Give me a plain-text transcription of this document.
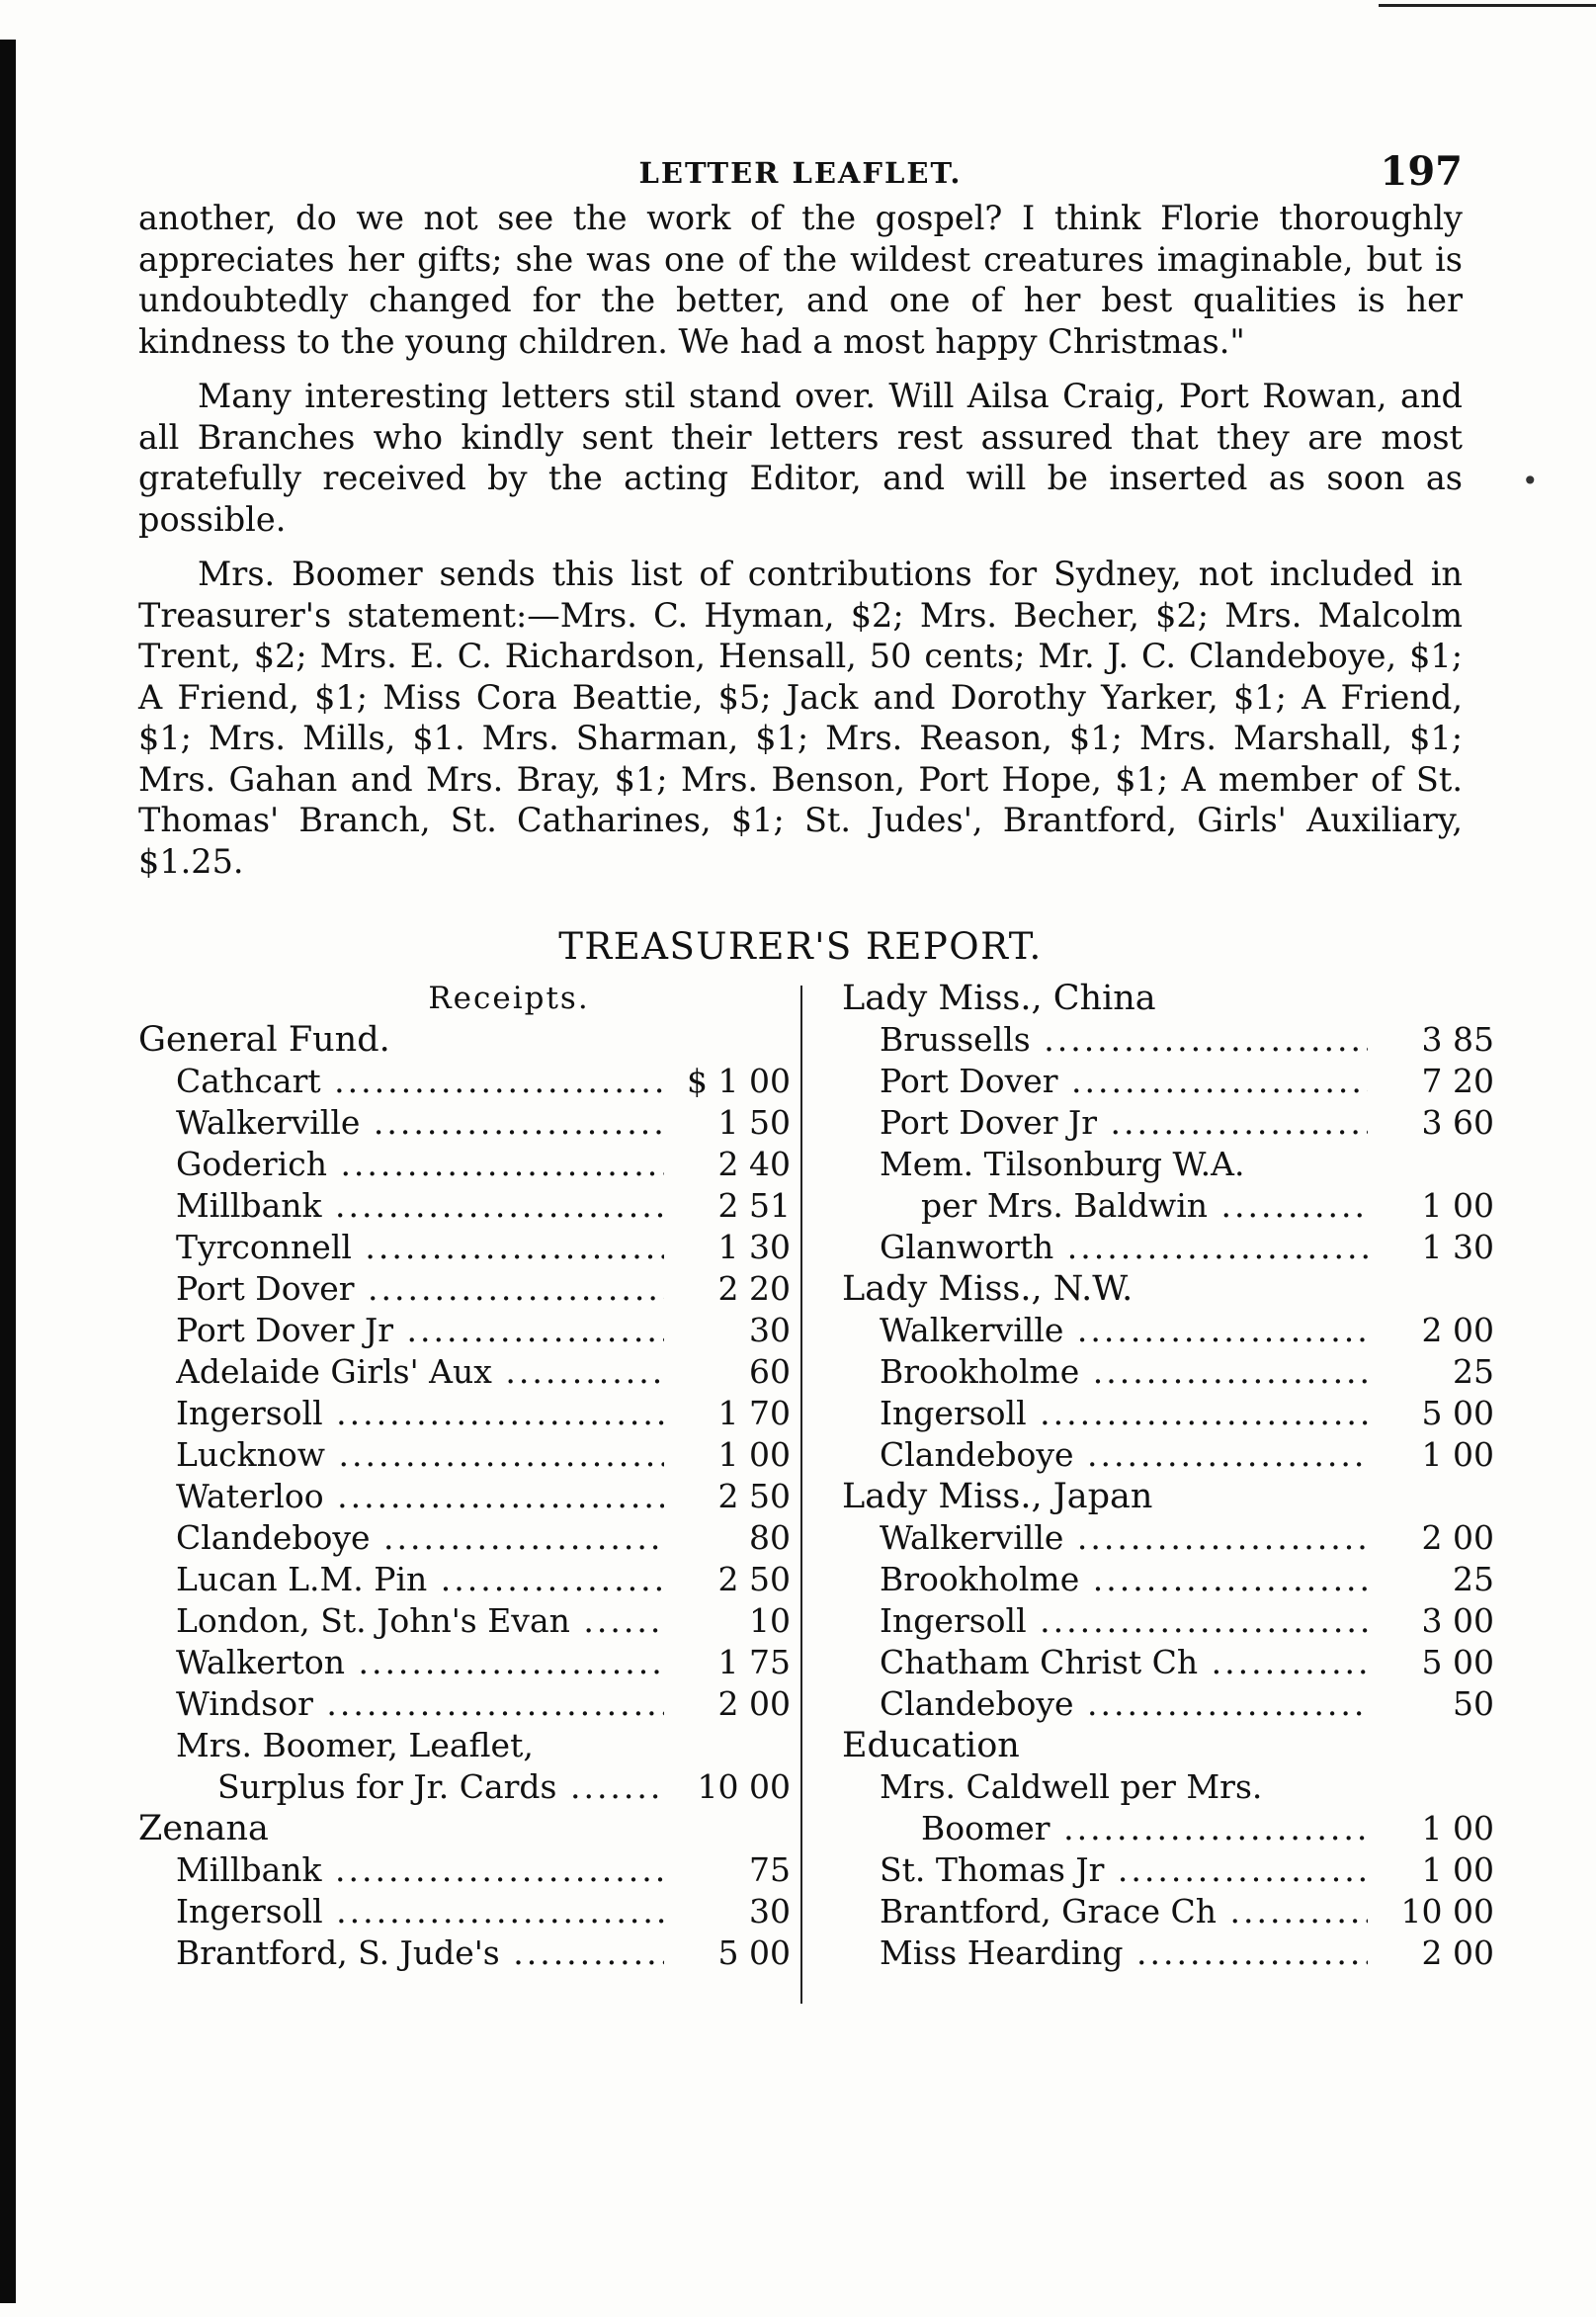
•
LETTER LEAFLET.	197

another, do we not see the work of the gospel? I think Florie thoroughly appreciates her gifts; she was one of the wildest creatures imaginable, but is undoubtedly changed for the better, and one of her best qualities is her kindness to the young children. We had a most happy Christmas."

Many interesting letters stil stand over. Will Ailsa Craig, Port Rowan, and all Branches who kindly sent their letters rest assured that they are most gratefully received by the acting Editor, and will be inserted as soon as possible.

Mrs. Boomer sends this list of contributions for Sydney, not included in Treasurer's statement:—Mrs. C. Hyman, $2; Mrs. Becher, $2; Mrs. Malcolm Trent, $2; Mrs. E. C. Richardson, Hensall, 50 cents; Mr. J. C. Clandeboye, $1; A Friend, $1; Miss Cora Beattie, $5; Jack and Dorothy Yarker, $1; A Friend, $1; Mrs. Mills, $1. Mrs. Sharman, $1; Mrs. Reason, $1; Mrs. Marshall, $1; Mrs. Gahan and Mrs. Bray, $1; Mrs. Benson, Port Hope, $1; A member of St. Thomas' Branch, St. Catharines, $1; St. Judes', Brantford, Girls' Auxiliary, $1.25.

TREASURER'S REPORT.
Receipts.
General Fund.
Cathcart .....	$ 1 00
Walkerville .....	1 50
Goderich .....	2 40
Millbank .....	2 51
Tyrconnell .....	1 30
Port Dover .....	2 20
Port Dover Jr .....	30
Adelaide Girls' Aux .....	60
Ingersoll .....	1 70
Lucknow .....	1 00
Waterloo .....	2 50
Clandeboye .....	80
Lucan L.M. Pin .....	2 50
London, St. John's Evan .....	10
Walkerton .....	1 75
Windsor .....	2 00
Mrs. Boomer, Leaflet,
Surplus for Jr. Cards .....	10 00
Zenana
Millbank .....	75
Ingersoll .....	30
Brantford, S. Jude's .....	5 00
Lady Miss., China
Brussells .....	3 85
Port Dover .....	7 20
Port Dover Jr .....	3 60
Mem. Tilsonburg W.A.
per Mrs. Baldwin .....	1 00
Glanworth .....	1 30
Lady Miss., N.W.
Walkerville .....	2 00
Brookholme .....	25
Ingersoll .....	5 00
Clandeboye .....	1 00
Lady Miss., Japan
Walkerville .....	2 00
Brookholme .....	25
Ingersoll .....	3 00
Chatham Christ Ch .....	5 00
Clandeboye .....	50
Education
Mrs. Caldwell per Mrs.
Boomer .....	1 00
St. Thomas Jr .....	1 00
Brantford, Grace Ch .....	10 00
Miss Hearding .....	2 00
